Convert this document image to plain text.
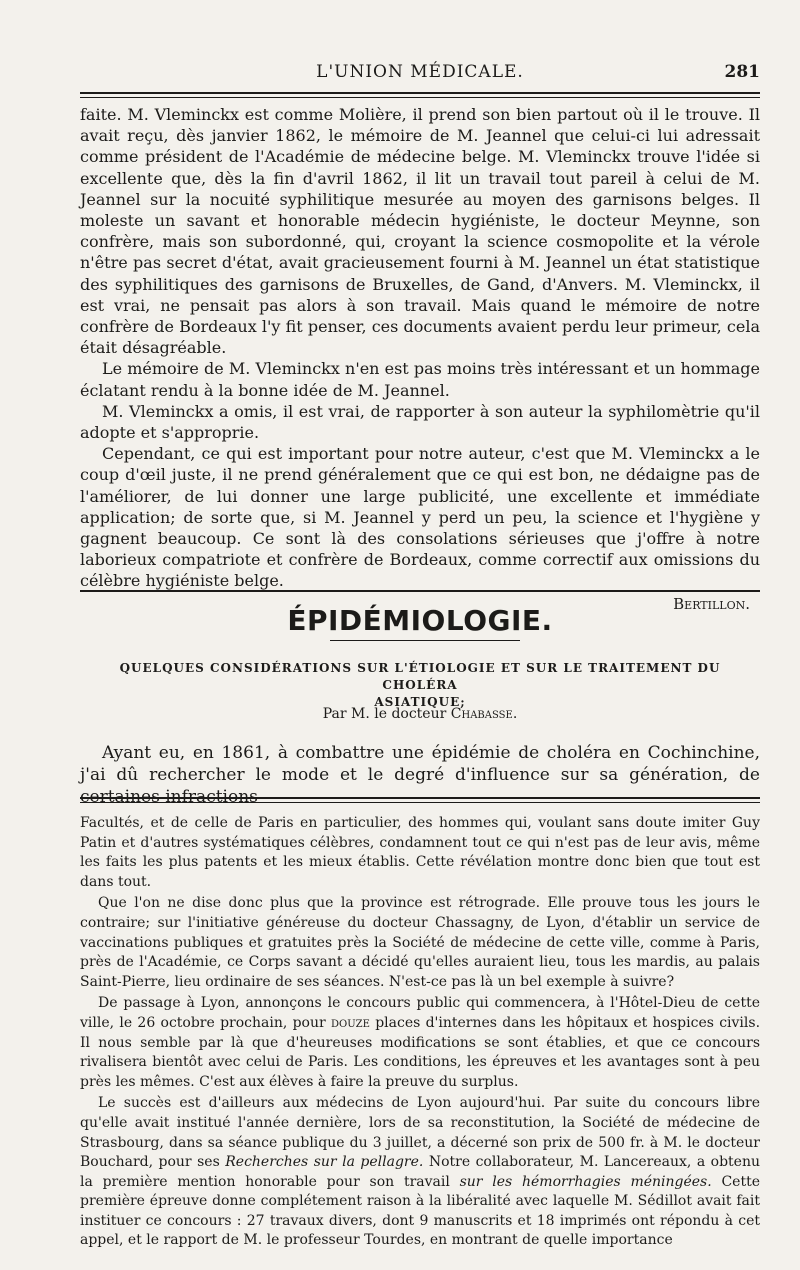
L'UNION MÉDICALE.	281

faite. M. Vleminckx est comme Molière, il prend son bien partout où il le trouve. Il avait reçu, dès janvier 1862, le mémoire de M. Jeannel que celui-ci lui adressait comme président de l'Académie de médecine belge. M. Vleminckx trouve l'idée si excellente que, dès la fin d'avril 1862, il lit un travail tout pareil à celui de M. Jeannel sur la nocuité syphilitique mesurée au moyen des garnisons belges. Il moleste un savant et honorable médecin hygiéniste, le docteur Meynne, son confrère, mais son subordonné, qui, croyant la science cosmopolite et la vérole n'être pas secret d'état, avait gracieusement fourni à M. Jeannel un état statistique des syphilitiques des garnisons de Bruxelles, de Gand, d'Anvers. M. Vleminckx, il est vrai, ne pensait pas alors à son travail. Mais quand le mémoire de notre confrère de Bordeaux l'y fit penser, ces documents avaient perdu leur primeur, cela était désagréable.

Le mémoire de M. Vleminckx n'en est pas moins très intéressant et un hommage éclatant rendu à la bonne idée de M. Jeannel.

M. Vleminckx a omis, il est vrai, de rapporter à son auteur la syphilomètrie qu'il adopte et s'approprie.

Cependant, ce qui est important pour notre auteur, c'est que M. Vleminckx a le coup d'œil juste, il ne prend généralement que ce qui est bon, ne dédaigne pas de l'améliorer, de lui donner une large publicité, une excellente et immédiate application; de sorte que, si M. Jeannel y perd un peu, la science et l'hygiène y gagnent beaucoup. Ce sont là des consolations sérieuses que j'offre à notre laborieux compatriote et confrère de Bordeaux, comme correctif aux omissions du célèbre hygiéniste belge.

Bertillon.
ÉPIDÉMIOLOGIE.
QUELQUES CONSIDÉRATIONS SUR L'ÉTIOLOGIE ET SUR LE TRAITEMENT DU CHOLÉRA
ASIATIQUE;
Par M. le docteur Chabasse.

Ayant eu, en 1861, à combattre une épidémie de choléra en Cochinchine, j'ai dû rechercher le mode et le degré d'influence sur sa génération, de certaines infractions

Facultés, et de celle de Paris en particulier, des hommes qui, voulant sans doute imiter Guy Patin et d'autres systématiques célèbres, condamnent tout ce qui n'est pas de leur avis, même les faits les plus patents et les mieux établis. Cette révélation montre donc bien que tout est dans tout.

Que l'on ne dise donc plus que la province est rétrograde. Elle prouve tous les jours le contraire; sur l'initiative généreuse du docteur Chassagny, de Lyon, d'établir un service de vaccinations publiques et gratuites près la Société de médecine de cette ville, comme à Paris, près de l'Académie, ce Corps savant a décidé qu'elles auraient lieu, tous les mardis, au palais Saint-Pierre, lieu ordinaire de ses séances. N'est-ce pas là un bel exemple à suivre?

De passage à Lyon, annonçons le concours public qui commencera, à l'Hôtel-Dieu de cette ville, le 26 octobre prochain, pour douze places d'internes dans les hôpitaux et hospices civils. Il nous semble par là que d'heureuses modifications se sont établies, et que ce concours rivalisera bientôt avec celui de Paris. Les conditions, les épreuves et les avantages sont à peu près les mêmes. C'est aux élèves à faire la preuve du surplus.

Le succès est d'ailleurs aux médecins de Lyon aujourd'hui. Par suite du concours libre qu'elle avait institué l'année dernière, lors de sa reconstitution, la Société de médecine de Strasbourg, dans sa séance publique du 3 juillet, a décerné son prix de 500 fr. à M. le docteur Bouchard, pour ses Recherches sur la pellagre. Notre collaborateur, M. Lancereaux, a obtenu la première mention honorable pour son travail sur les hémorrhagies méningées. Cette première épreuve donne complétement raison à la libéralité avec laquelle M. Sédillot avait fait instituer ce concours : 27 travaux divers, dont 9 manuscrits et 18 imprimés ont répondu à cet appel, et le rapport de M. le professeur Tourdes, en montrant de quelle importance
